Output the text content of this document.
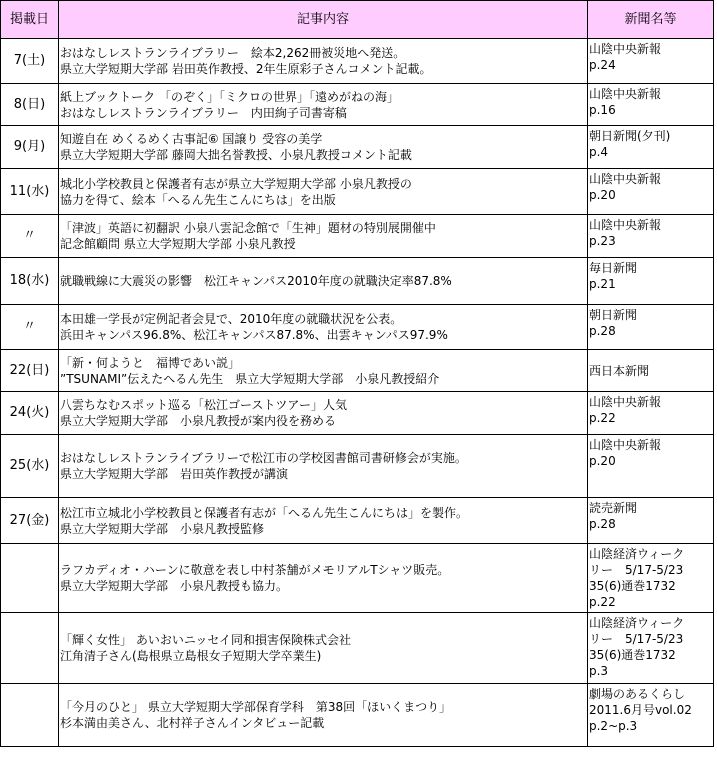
掲載日	記事内容	新聞名等
7(土)	おはなしレストランライブラリー　絵本2,262冊被災地へ発送。
県立大学短期大学部 岩田英作教授、2年生原彩子さんコメント記載。	山陰中央新報
p.24

8(日)	紙上ブックトーク 「のぞく」「ミクロの世界」「遠めがねの海」
おはなしレストランライブラリー　内田絢子司書寄稿	山陰中央新報
p.16

9(月)	知遊自在 めくるめく古事記⑥ 国譲り 受容の美学
県立大学短期大学部 藤岡大拙名誉教授、小泉凡教授コメント記載	朝日新聞(夕刊)
p.4

11(水)	城北小学校教員と保護者有志が県立大学短期大学部 小泉凡教授の
協力を得て、絵本「へるん先生こんにちは」を出版	山陰中央新報
p.20

〃	「津波」英語に初翻訳 小泉八雲記念館で「生神」題材の特別展開催中
記念館顧問 県立大学短期大学部 小泉凡教授	山陰中央新報
p.23

18(水)	就職戦線に大震災の影響　松江キャンパス2010年度の就職決定率87.8%	毎日新聞
p.21

〃	本田雄一学長が定例記者会見で、2010年度の就職状況を公表。
浜田キャンパス96.8%、松江キャンパス87.8%、出雲キャンパス97.9%	朝日新聞
p.28

22(日)	「新・何ようと　福博であい説」
”TSUNAMI”伝えたへるん先生　県立大学短期大学部　小泉凡教授紹介	西日本新聞

24(火)	八雲ちなむスポット巡る「松江ゴーストツアー」人気
県立大学短期大学部　小泉凡教授が案内役を務める	山陰中央新報
p.22

25(水)	おはなしレストランライブラリーで松江市の学校図書館司書研修会が実施。
県立大学短期大学部　岩田英作教授が講演	山陰中央新報
p.20

27(金)	松江市立城北小学校教員と保護者有志が「へるん先生こんにちは」を製作。
県立大学短期大学部　小泉凡教授監修	読売新聞
p.28

	ラフカディオ・ハーンに敬意を表し中村茶舗がメモリアルTシャツ販売。
県立大学短期大学部　小泉凡教授も協力。	山陰経済ウィーク
リー　5/17-5/23
35(6)通巻1732
p.22

	「輝く女性」 あいおいニッセイ同和損害保険株式会社
江角清子さん(島根県立島根女子短期大学卒業生)	山陰経済ウィーク
リー　5/17-5/23
35(6)通巻1732
p.3

	「今月のひと」 県立大学短期大学部保育学科　第38回「ほいくまつり」
杉本満由美さん、北村祥子さんインタビュー記載	劇場のあるくらし
2011.6月号vol.02
p.2~p.3
